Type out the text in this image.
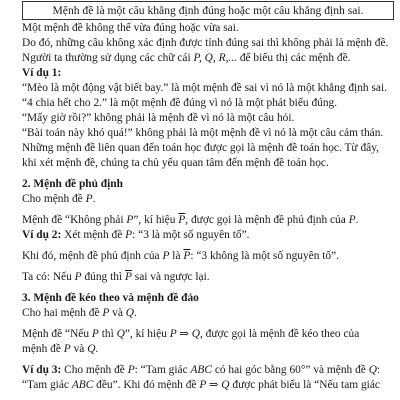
Mệnh đề là một câu khẳng định đúng hoặc một câu khẳng định sai.

Một mệnh đề không thể vừa đúng hoặc vừa sai.

Do đó, những câu không xác định được tính đúng sai thì không phải là mệnh đề.

Người ta thường sử dụng các chữ cái P, Q, R,... để biểu thị các mệnh đề.

Ví dụ 1:

“Mèo là một động vật biết bay.” là một mệnh đề sai vì nó là một khẳng định sai.

“4 chia hết cho 2.” là một mệnh đề đúng vì nó là một phát biểu đúng.

“Mấy giờ rồi?” không phải là mệnh đề vì nó là một câu hỏi.

“Bài toán này khó quá!” không phải là một mệnh đề vì nó là một câu cảm thán.

Những mệnh đề liên quan đến toán học được gọi là mệnh đề toán học. Từ đây, khi xét mệnh đề, chúng ta chủ yếu quan tâm đến mệnh đề toán học.

2. Mệnh đề phủ định

Cho mệnh đề P.

Mệnh đề “Không phải P”, kí hiệu $\overline{P}$, được gọi là mệnh đề phủ định của P.

Ví dụ 2: Xét mệnh đề P: “3 là một số nguyên tố”.

Khi đó, mệnh đề phủ định của P là $\overline{P}$: “3 không là một số nguyên tố”.

Ta có: Nếu P đúng thì $\overline{P}$ sai và ngược lại.

3. Mệnh đề kéo theo và mệnh đề đảo

Cho hai mệnh đề P và Q.

Mệnh đề “Nếu P thì Q”, kí hiệu P ⇒ Q, được gọi là mệnh đề kéo theo của

mệnh đề P và Q.

Ví dụ 3: Cho mệnh đề P: “Tam giác ABC có hai góc bằng 60°” và mệnh đề Q:

“Tam giác ABC đều”. Khi đó mệnh đề P ⇒ Q được phát biểu là “Nếu tam giác
